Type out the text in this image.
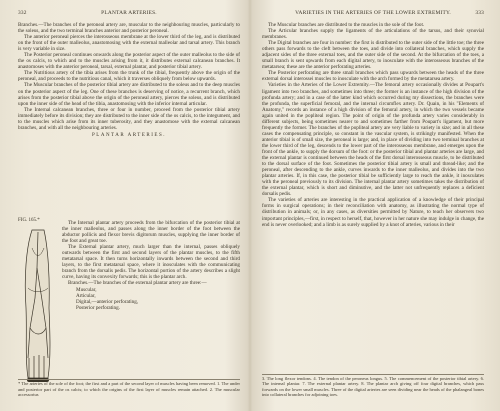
332	PLANTAR ARTERIES.

Branches.—The branches of the peroneal artery are, muscular to the neighbouring muscles, particularly to the soleus, and the two terminal branches anterior and posterior peroneal.

The anterior peroneal pierces the interosseous membrane at the lower third of the leg, and is distributed on the front of the outer malleolus, anastomosing with the external malleolar and tarsal artery. This branch is very variable in size.

The Posterior peroneal continues onwards along the posterior aspect of the outer malleolus to the side of the os calcis, to which and to the muscles arising from it, it distributes external calcanean branches. It anastomoses with the anterior peroneal, tarsal, external plantar, and posterior tibial artery.

The Nutritious artery of the tibia arises from the trunk of the tibial, frequently above the origin of the peroneal, and proceeds to the nutritious canal, which it traverses obliquely from below upwards.

The Muscular branches of the posterior tibial artery are distributed to the soleus and to the deep muscles on the posterior aspect of the leg. One of these branches is deserving of notice, a recurrent branch, which arises from the posterior tibial above the origin of the peroneal artery, pierces the soleus, and is distributed upon the inner side of the head of the tibia, anastomosing with the inferior internal articular.

The Internal calcanean branches, three or four in number, proceed from the posterior tibial artery immediately before its division; they are distributed to the inner side of the os calcis, to the integument, and to the muscles which arise from its inner tuberosity, and they anastomose with the external calcanean branches, and with all the neighbouring arteries.

PLANTAR ARTERIES.

FIG. 165.*	The Internal plantar artery proceeds from the bifurcation of the posterior tibial at the inner malleolus, and passes along the inner border of the foot between the abductor pollicis and flexor brevis digitorum muscles, supplying the inner border of the foot and great toe.

The External plantar artery, much larger than the internal, passes obliquely outwards between the first and second layers of the plantar muscles, to the fifth metatarsal space. It then turns horizontally inwards between the second and third layers, to the first metatarsal space, where it inosculates with the communicating branch from the dorsalis pedis. The horizontal portion of the artery describes a slight curve, having its convexity forwards; this is the plantar arch.

Branches.—The branches of the external plantar artery are three:—

Muscular,
Articular,
Digital,—anterior perforating,
Posterior perforating.
* The arteries of the sole of the foot; the first and a part of the second layer of muscles having been removed. 1. The under and posterior part of the os calcis; to which the origins of the first layer of muscles remain attached. 2. The muscular accessorius
VARIETIES IN THE ARTERIES OF THE LOWER EXTREMITY.	333

The Muscular branches are distributed to the muscles in the sole of the foot.

The Articular branches supply the ligaments of the articulations of the tarsus, and their synovial membranes.

The Digital branches are four in number: the first is distributed to the outer side of the little toe; the three others pass forwards to the cleft between the toes, and divide into collateral branches, which supply the adjacent sides of the three external toes, and the outer side of the second. At the bifurcation of the toes, a small branch is sent upwards from each digital artery, to inosculate with the interosseous branches of the metatarsea; these are the anterior perforating arteries.

The Posterior perforating are three small branches which pass upwards between the heads of the three external dorsal interossei muscles to inosculate with the arch formed by the metatarsea artery.

Varieties in the Arteries of the Lower Extremity.—The femoral artery occasionally divides at Poupart's ligament into two branches, and sometimes into three; the former is an instance of the high division of the profunda artery; and in a case of the latter kind which occurred during my dissections, the branches were the profunda, the superficial femoral, and the internal circumflex artery. Dr. Quain, in his "Elements of Anatomy," records an instance of a high division of the femoral artery, in which the two vessels became again united in the popliteal region. The point of origin of the profunda artery varies considerably in different subjects, being sometimes nearer to and sometimes farther from Poupart's ligament, but more frequently the former. The branches of the popliteal artery are very liable to variety in size; and in all these cases the compensating principle, so constant in the vascular system, is strikingly manifested. When the anterior tibial is of small size, the peroneal is large; and, in place of dividing into two terminal branches at the lower third of the leg, descends to the lower part of the interosseous membrane, and emerges upon the front of the ankle, to supply the dorsum of the foot: or the posterior tibial and plantar arteries are large, and the external plantar is continued between the heads of the first dorsal interosseous muscle, to be distributed to the dorsal surface of the foot. Sometimes the posterior tibial artery is small and thread-like; and the peroneal, after descending to the ankle, curves inwards to the inner malleolus, and divides into the two plantar arteries. If, in this case, the posterior tibial be sufficiently large to reach the ankle, it inosculates with the peroneal previously to its division. The internal plantar artery sometimes takes the distribution of the external plantar, which is short and diminutive, and the latter not unfrequently replaces a deficient dorsalis pedis.

The varieties of arteries are interesting in the practical application of a knowledge of their principal forms in surgical operations; in their reconciliation with anatomy, as illustrating the normal type of distribution in animals; or, in any cases, as diversities permitted by Nature, to teach her observers two important principles,—first, in respect to herself, that, however in her nature she may indulge in change, the end is never overlooked; and a limb is as surely supplied by a knot of arteries, various in their

3. The long flexor tendons. 4. The tendon of the peroneus longus. 5. The commencement of the posterior tibial artery. 6. The internal plantar. 7. The external plantar artery. 8. The plantar arch giving off four digital branches, which pass forwards on the lower small muscles. Three of the digital arteries are seen dividing near the heads of the phalangeal bones into collateral branches for adjoining toes.
